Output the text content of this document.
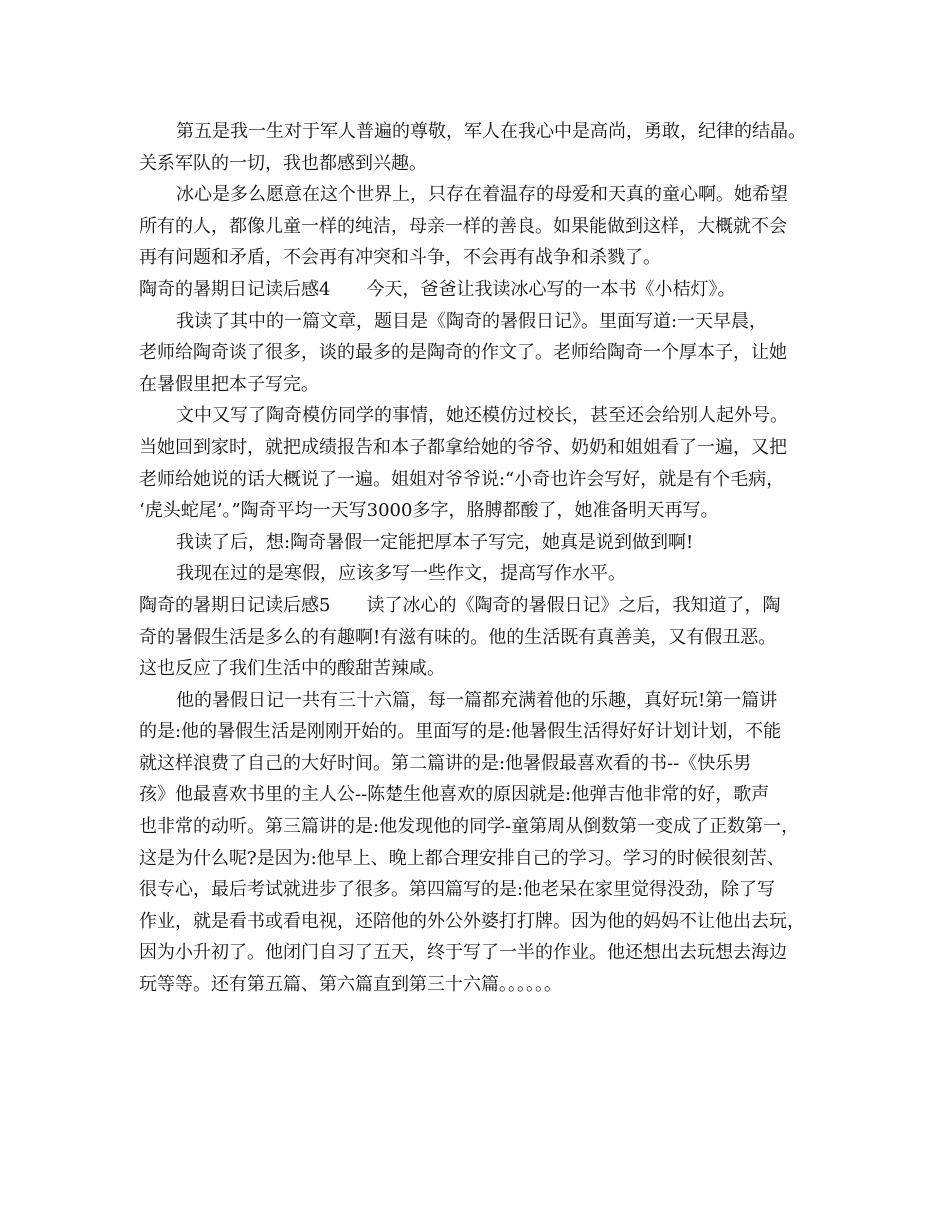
第五是我一生对于军人普遍的尊敬，军人在我心中是高尚，勇敢，纪律的结晶。
关系军队的一切，我也都感到兴趣。
冰心是多么愿意在这个世界上，只存在着温存的母爱和天真的童心啊。她希望
所有的人，都像儿童一样的纯洁，母亲一样的善良。如果能做到这样，大概就不会
再有问题和矛盾，不会再有冲突和斗争，不会再有战争和杀戮了。
陶奇的暑期日记读后感4　　今天，爸爸让我读冰心写的一本书《小桔灯》。
我读了其中的一篇文章，题目是《陶奇的暑假日记》。里面写道:一天早晨，
老师给陶奇谈了很多，谈的最多的是陶奇的作文了。老师给陶奇一个厚本子，让她
在暑假里把本子写完。
文中又写了陶奇模仿同学的事情，她还模仿过校长，甚至还会给别人起外号。
当她回到家时，就把成绩报告和本子都拿给她的爷爷、奶奶和姐姐看了一遍，又把
老师给她说的话大概说了一遍。姐姐对爷爷说:“小奇也许会写好，就是有个毛病，
‘虎头蛇尾’。”陶奇平均一天写3000多字，胳膊都酸了，她准备明天再写。
我读了后，想:陶奇暑假一定能把厚本子写完，她真是说到做到啊!
我现在过的是寒假，应该多写一些作文，提高写作水平。
陶奇的暑期日记读后感5　　读了冰心的《陶奇的暑假日记》之后，我知道了，陶
奇的暑假生活是多么的有趣啊!有滋有味的。他的生活既有真善美，又有假丑恶。
这也反应了我们生活中的酸甜苦辣咸。
他的暑假日记一共有三十六篇，每一篇都充满着他的乐趣，真好玩!第一篇讲
的是:他的暑假生活是刚刚开始的。里面写的是:他暑假生活得好好计划计划，不能
就这样浪费了自己的大好时间。第二篇讲的是:他暑假最喜欢看的书--《快乐男
孩》他最喜欢书里的主人公--陈楚生他喜欢的原因就是:他弹吉他非常的好，歌声
也非常的动听。第三篇讲的是:他发现他的同学-童第周从倒数第一变成了正数第一，
这是为什么呢?是因为:他早上、晚上都合理安排自己的学习。学习的时候很刻苦、
很专心，最后考试就进步了很多。第四篇写的是:他老呆在家里觉得没劲，除了写
作业，就是看书或看电视，还陪他的外公外婆打打牌。因为他的妈妈不让他出去玩，
因为小升初了。他闭门自习了五天，终于写了一半的作业。他还想出去玩想去海边
玩等等。还有第五篇、第六篇直到第三十六篇。。。。。。
